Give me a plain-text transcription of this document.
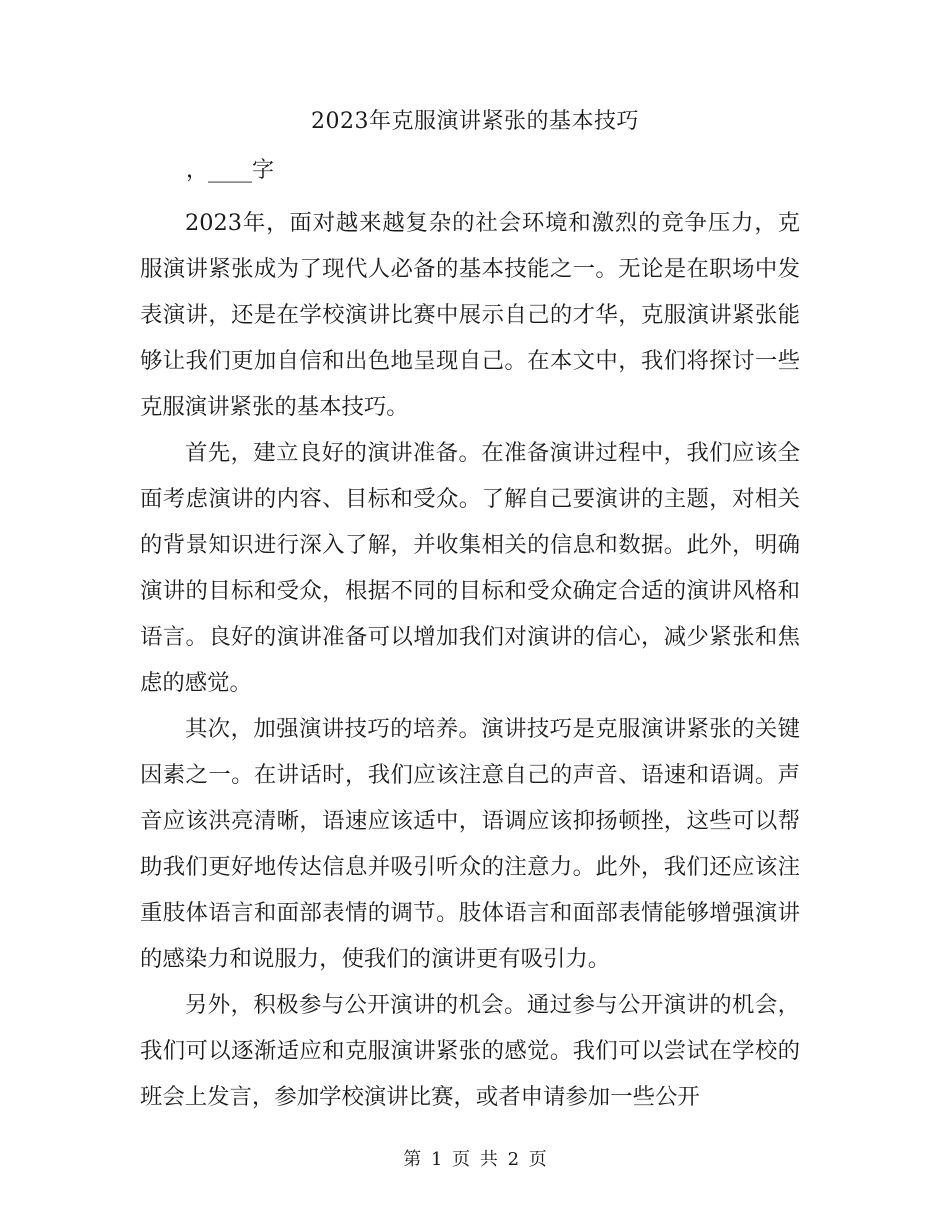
2023年克服演讲紧张的基本技巧
，____字

2023年，面对越来越复杂的社会环境和激烈的竞争压力，克服演讲紧张成为了现代人必备的基本技能之一。无论是在职场中发表演讲，还是在学校演讲比赛中展示自己的才华，克服演讲紧张能够让我们更加自信和出色地呈现自己。在本文中，我们将探讨一些克服演讲紧张的基本技巧。

首先，建立良好的演讲准备。在准备演讲过程中，我们应该全面考虑演讲的内容、目标和受众。了解自己要演讲的主题，对相关的背景知识进行深入了解，并收集相关的信息和数据。此外，明确演讲的目标和受众，根据不同的目标和受众确定合适的演讲风格和语言。良好的演讲准备可以增加我们对演讲的信心，减少紧张和焦虑的感觉。

其次，加强演讲技巧的培养。演讲技巧是克服演讲紧张的关键因素之一。在讲话时，我们应该注意自己的声音、语速和语调。声音应该洪亮清晰，语速应该适中，语调应该抑扬顿挫，这些可以帮助我们更好地传达信息并吸引听众的注意力。此外，我们还应该注重肢体语言和面部表情的调节。肢体语言和面部表情能够增强演讲的感染力和说服力，使我们的演讲更有吸引力。

另外，积极参与公开演讲的机会。通过参与公开演讲的机会，我们可以逐渐适应和克服演讲紧张的感觉。我们可以尝试在学校的班会上发言，参加学校演讲比赛，或者申请参加一些公开

第 1 页 共 2 页
